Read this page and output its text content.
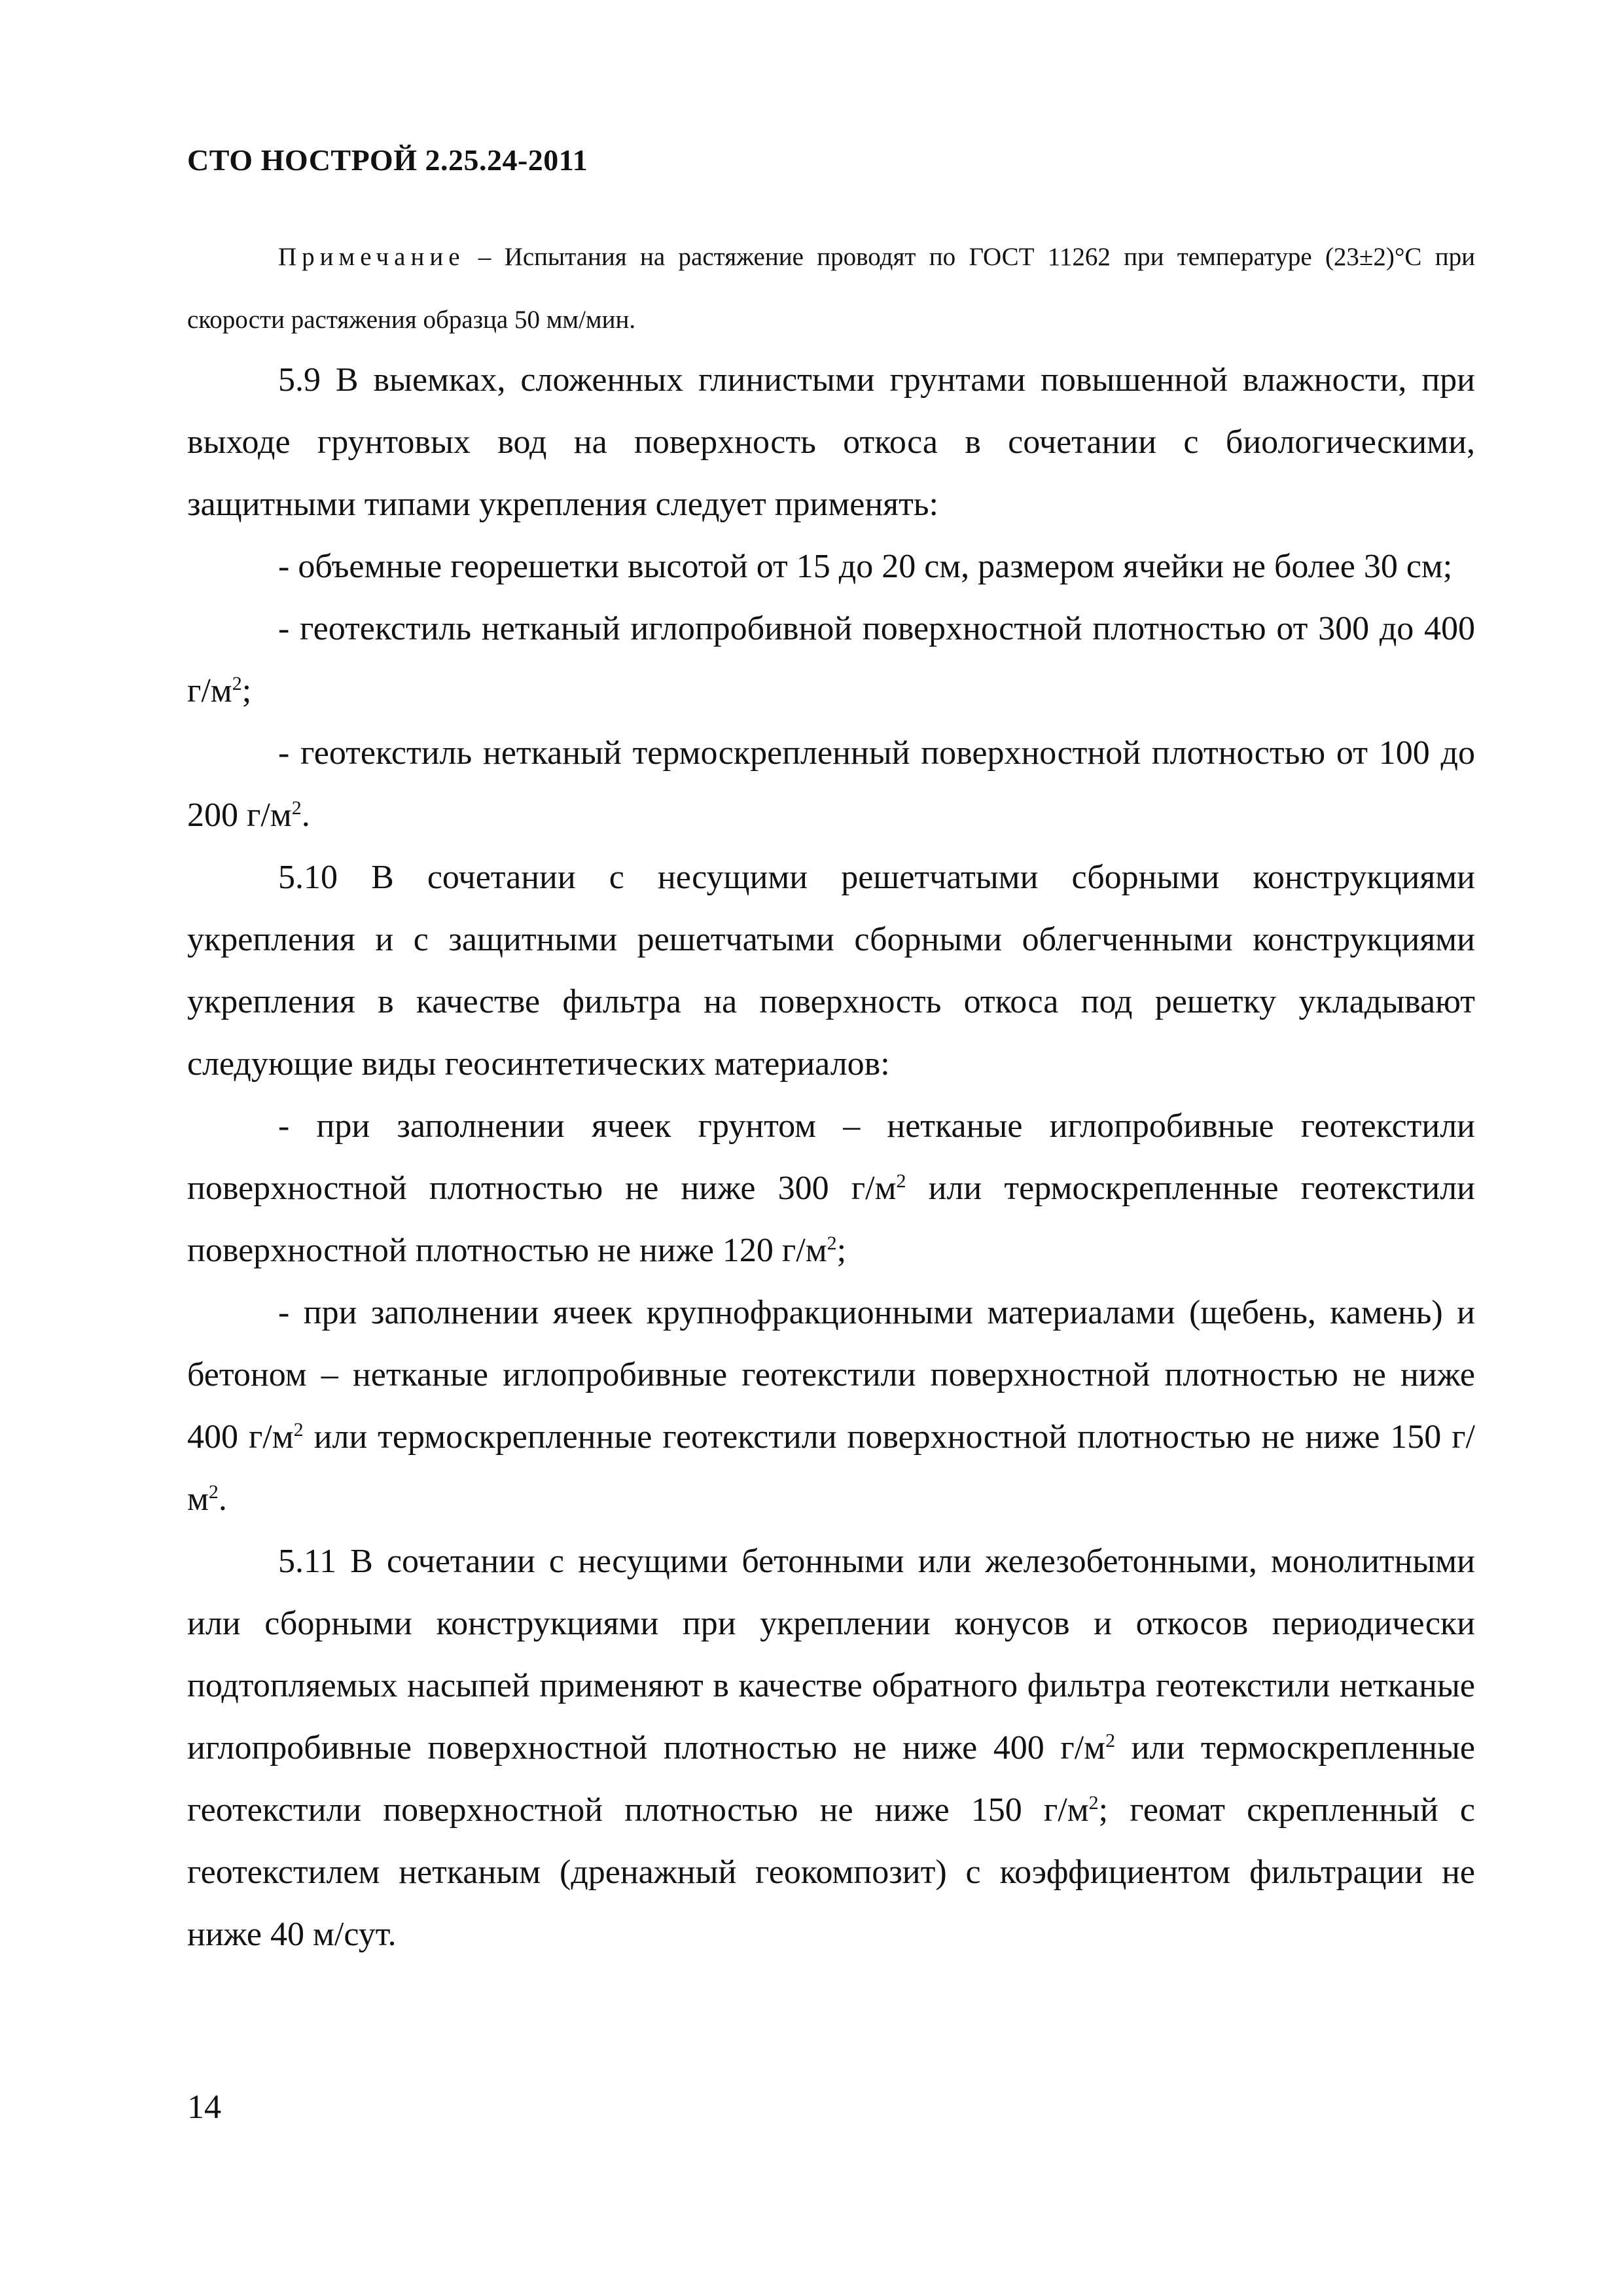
СТО НОСТРОЙ 2.25.24-2011
Примечание – Испытания на растяжение проводят по ГОСТ 11262 при температуре (23±2)°С при скорости растяжения образца 50 мм/мин.

5.9 В выемках, сложенных глинистыми грунтами повышенной влажности, при выходе грунтовых вод на поверхность откоса в сочетании с биологическими, защитными типами укрепления следует применять:

- объемные георешетки высотой от 15 до 20 см, размером ячейки не более 30 см;

- геотекстиль нетканый иглопробивной поверхностной плотностью от 300 до 400 $г/м^2$;

- геотекстиль нетканый термоскрепленный поверхностной плотностью от 100 до 200 $г/м^2$.

5.10 В сочетании с несущими решетчатыми сборными конструкциями укрепления и с защитными решетчатыми сборными облегченными конструкциями укрепления в качестве фильтра на поверхность откоса под решетку укладывают следующие виды геосинтетических материалов:

- при заполнении ячеек грунтом – нетканые иглопробивные геотекстили поверхностной плотностью не ниже 300 $г/м^2$ или термоскрепленные геотекстили поверхностной плотностью не ниже 120 $г/м^2$;

- при заполнении ячеек крупнофракционными материалами (щебень, камень) и бетоном – нетканые иглопробивные геотекстили поверхностной плотностью не ниже 400 $г/м^2$ или термоскрепленные геотекстили поверхностной плотностью не ниже 150 $г/м^2$.

5.11 В сочетании с несущими бетонными или железобетонными, монолитными или сборными конструкциями при укреплении конусов и откосов периодически подтопляемых насыпей применяют в качестве обратного фильтра геотекстили нетканые иглопробивные поверхностной плотностью не ниже 400 $г/м^2$ или термоскрепленные геотекстили поверхностной плотностью не ниже 150 $г/м^2$; геомат скрепленный с геотекстилем нетканым (дренажный геокомпозит) с коэффициентом фильтрации не ниже 40 м/сут.

14
